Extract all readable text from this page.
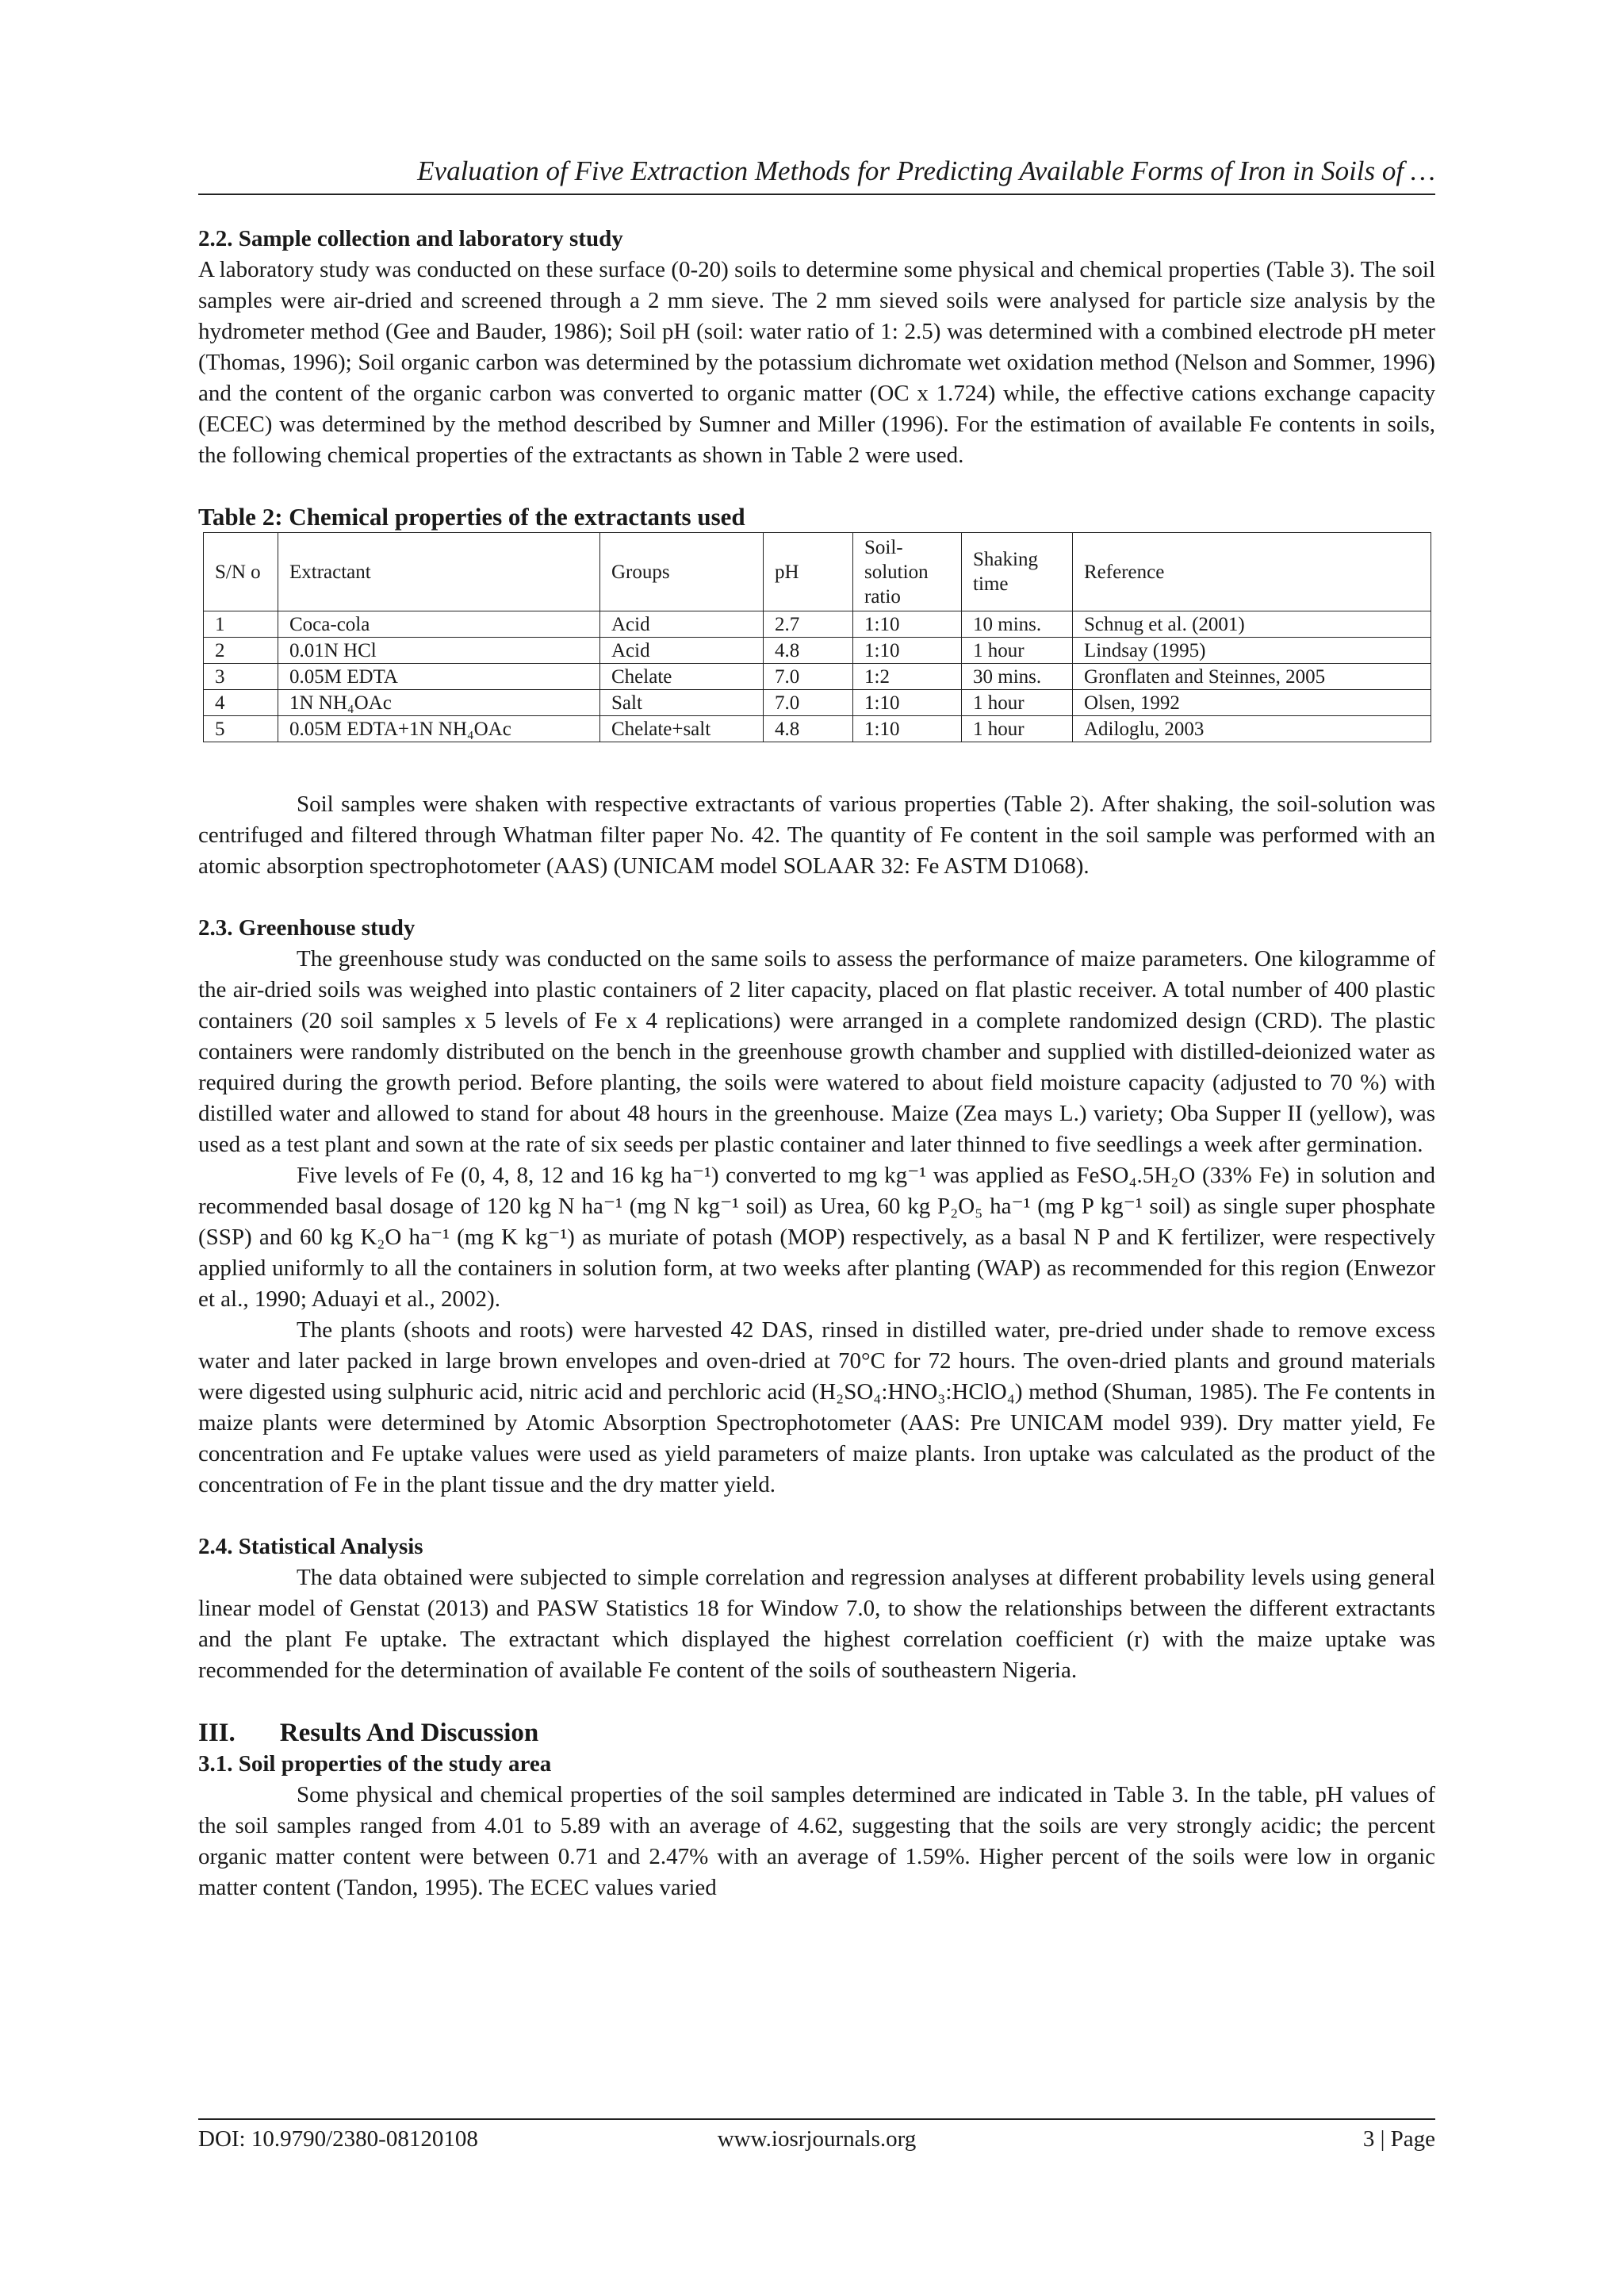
Evaluation of Five Extraction Methods for Predicting Available Forms of Iron in Soils of …
2.2. Sample collection and laboratory study

A laboratory study was conducted on these surface (0-20) soils to determine some physical and chemical properties (Table 3). The soil samples were air-dried and screened through a 2 mm sieve. The 2 mm sieved soils were analysed for particle size analysis by the hydrometer method (Gee and Bauder, 1986); Soil pH (soil: water ratio of 1: 2.5) was determined with a combined electrode pH meter (Thomas, 1996); Soil organic carbon was determined by the potassium dichromate wet oxidation method (Nelson and Sommer, 1996) and the content of the organic carbon was converted to organic matter (OC x 1.724) while, the effective cations exchange capacity (ECEC) was determined by the method described by Sumner and Miller (1996). For the estimation of available Fe contents in soils, the following chemical properties of the extractants as shown in Table 2 were used.

Table 2: Chemical properties of the extractants used

S/N o	Extractant	Groups	pH	Soil-solution ratio	Shaking time	Reference
1	Coca-cola	Acid	2.7	1:10	10 mins.	Schnug et al. (2001)
2	0.01N HCl	Acid	4.8	1:10	1 hour	Lindsay (1995)
3	0.05M EDTA	Chelate	7.0	1:2	30 mins.	Gronflaten and Steinnes, 2005
4	1N NH₄OAc	Salt	7.0	1:10	1 hour	Olsen, 1992
5	0.05M EDTA+1N NH₄OAc	Chelate+salt	4.8	1:10	1 hour	Adiloglu, 2003

Soil samples were shaken with respective extractants of various properties (Table 2). After shaking, the soil-solution was centrifuged and filtered through Whatman filter paper No. 42. The quantity of Fe content in the soil sample was performed with an atomic absorption spectrophotometer (AAS) (UNICAM model SOLAAR 32: Fe ASTM D1068).

2.3. Greenhouse study

The greenhouse study was conducted on the same soils to assess the performance of maize parameters. One kilogramme of the air-dried soils was weighed into plastic containers of 2 liter capacity, placed on flat plastic receiver. A total number of 400 plastic containers (20 soil samples x 5 levels of Fe x 4 replications) were arranged in a complete randomized design (CRD). The plastic containers were randomly distributed on the bench in the greenhouse growth chamber and supplied with distilled-deionized water as required during the growth period. Before planting, the soils were watered to about field moisture capacity (adjusted to 70 %) with distilled water and allowed to stand for about 48 hours in the greenhouse. Maize (Zea mays L.) variety; Oba Supper II (yellow), was used as a test plant and sown at the rate of six seeds per plastic container and later thinned to five seedlings a week after germination.

Five levels of Fe (0, 4, 8, 12 and 16 kg ha⁻¹) converted to mg kg⁻¹ was applied as FeSO₄.5H₂O (33% Fe) in solution and recommended basal dosage of 120 kg N ha⁻¹ (mg N kg⁻¹ soil) as Urea, 60 kg P₂O₅ ha⁻¹ (mg P kg⁻¹ soil) as single super phosphate (SSP) and 60 kg K₂O ha⁻¹ (mg K kg⁻¹) as muriate of potash (MOP) respectively, as a basal N P and K fertilizer, were respectively applied uniformly to all the containers in solution form, at two weeks after planting (WAP) as recommended for this region (Enwezor et al., 1990; Aduayi et al., 2002).

The plants (shoots and roots) were harvested 42 DAS, rinsed in distilled water, pre-dried under shade to remove excess water and later packed in large brown envelopes and oven-dried at 70°C for 72 hours. The oven-dried plants and ground materials were digested using sulphuric acid, nitric acid and perchloric acid (H₂SO₄:HNO₃:HClO₄) method (Shuman, 1985). The Fe contents in maize plants were determined by Atomic Absorption Spectrophotometer (AAS: Pre UNICAM model 939). Dry matter yield, Fe concentration and Fe uptake values were used as yield parameters of maize plants. Iron uptake was calculated as the product of the concentration of Fe in the plant tissue and the dry matter yield.

2.4. Statistical Analysis

The data obtained were subjected to simple correlation and regression analyses at different probability levels using general linear model of Genstat (2013) and PASW Statistics 18 for Window 7.0, to show the relationships between the different extractants and the plant Fe uptake. The extractant which displayed the highest correlation coefficient (r) with the maize uptake was recommended for the determination of available Fe content of the soils of southeastern Nigeria.

III. Results And Discussion

3.1. Soil properties of the study area

Some physical and chemical properties of the soil samples determined are indicated in Table 3. In the table, pH values of the soil samples ranged from 4.01 to 5.89 with an average of 4.62, suggesting that the soils are very strongly acidic; the percent organic matter content were between 0.71 and 2.47% with an average of 1.59%. Higher percent of the soils were low in organic matter content (Tandon, 1995). The ECEC values varied

DOI: 10.9790/2380-08120108	www.iosrjournals.org	3 | Page
